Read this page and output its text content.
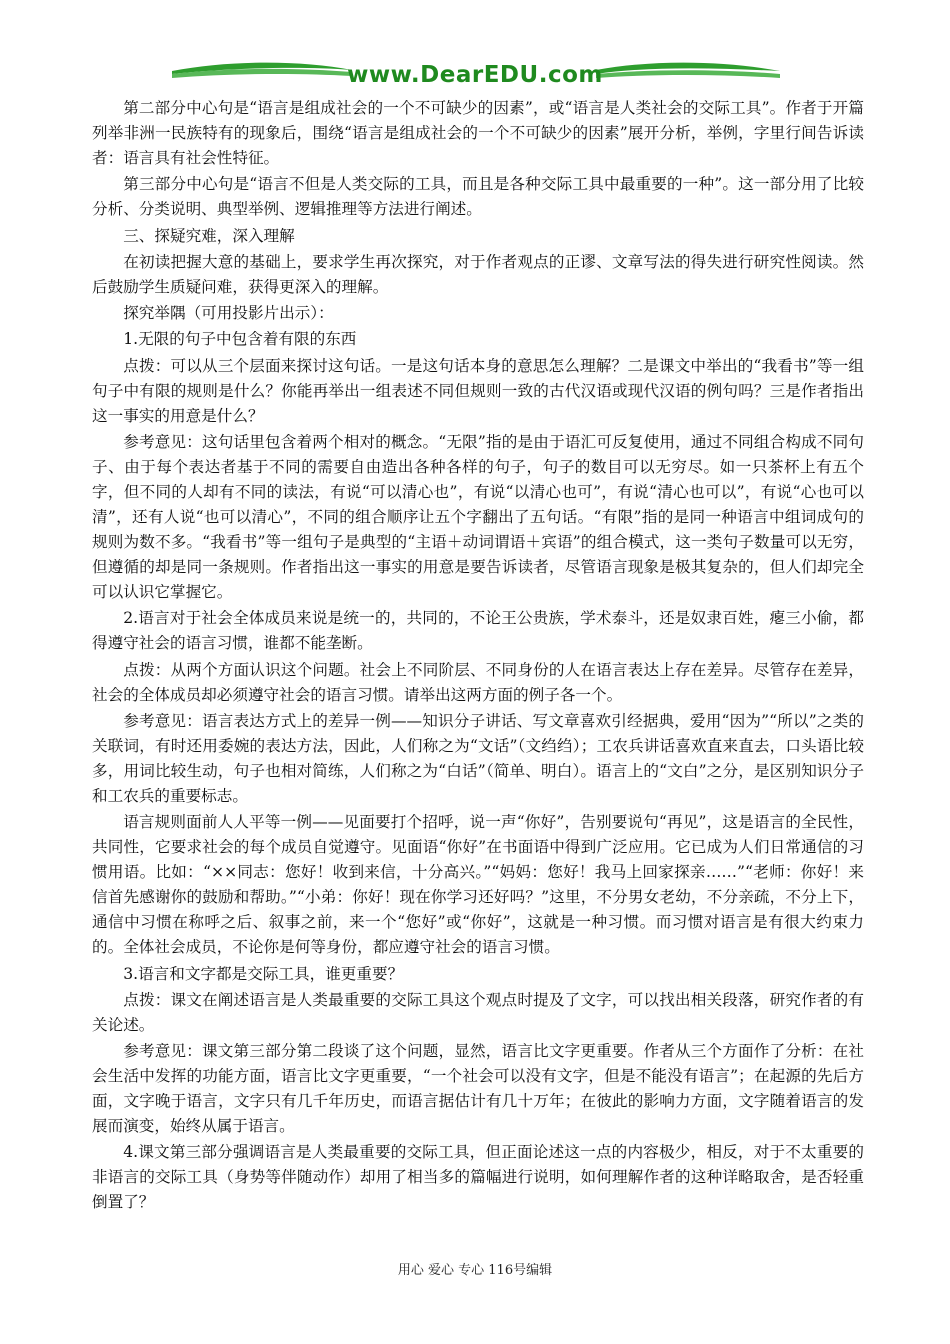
www.DearEDU.com

第二部分中心句是“语言是组成社会的一个不可缺少的因素”，或“语言是人类社会的交际工具”。作者于开篇列举非洲一民族特有的现象后，围绕“语言是组成社会的一个不可缺少的因素”展开分析，举例，字里行间告诉读者：语言具有社会性特征。

第三部分中心句是“语言不但是人类交际的工具，而且是各种交际工具中最重要的一种”。这一部分用了比较分析、分类说明、典型举例、逻辑推理等方法进行阐述。

三、探疑究难，深入理解

在初读把握大意的基础上，要求学生再次探究，对于作者观点的正谬、文章写法的得失进行研究性阅读。然后鼓励学生质疑问难，获得更深入的理解。

探究举隅（可用投影片出示）：

1.无限的句子中包含着有限的东西

点拨：可以从三个层面来探讨这句话。一是这句话本身的意思怎么理解？二是课文中举出的“我看书”等一组句子中有限的规则是什么？你能再举出一组表述不同但规则一致的古代汉语或现代汉语的例句吗？三是作者指出这一事实的用意是什么？

参考意见：这句话里包含着两个相对的概念。“无限”指的是由于语汇可反复使用，通过不同组合构成不同句子、由于每个表达者基于不同的需要自由造出各种各样的句子，句子的数目可以无穷尽。如一只茶杯上有五个字，但不同的人却有不同的读法，有说“可以清心也”，有说“以清心也可”，有说“清心也可以”，有说“心也可以清”，还有人说“也可以清心”，不同的组合顺序让五个字翻出了五句话。“有限”指的是同一种语言中组词成句的规则为数不多。“我看书”等一组句子是典型的“主语＋动词谓语＋宾语”的组合模式，这一类句子数量可以无穷，但遵循的却是同一条规则。作者指出这一事实的用意是要告诉读者，尽管语言现象是极其复杂的，但人们却完全可以认识它掌握它。

2.语言对于社会全体成员来说是统一的，共同的，不论王公贵族，学术泰斗，还是奴隶百姓，瘪三小偷，都得遵守社会的语言习惯，谁都不能垄断。

点拨：从两个方面认识这个问题。社会上不同阶层、不同身份的人在语言表达上存在差异。尽管存在差异，社会的全体成员却必须遵守社会的语言习惯。请举出这两方面的例子各一个。

参考意见：语言表达方式上的差异一例——知识分子讲话、写文章喜欢引经据典，爱用“因为”“所以”之类的关联词，有时还用委婉的表达方法，因此，人们称之为“文话”（文绉绉）；工农兵讲话喜欢直来直去，口头语比较多，用词比较生动，句子也相对简练，人们称之为“白话”（简单、明白）。语言上的“文白”之分，是区别知识分子和工农兵的重要标志。

语言规则面前人人平等一例——见面要打个招呼，说一声“你好”，告别要说句“再见”，这是语言的全民性，共同性，它要求社会的每个成员自觉遵守。见面语“你好”在书面语中得到广泛应用。它已成为人们日常通信的习惯用语。比如：“××同志：您好！收到来信，十分高兴。”“妈妈：您好！我马上回家探亲……”“老师：你好！来信首先感谢你的鼓励和帮助。”“小弟：你好！现在你学习还好吗？”这里，不分男女老幼，不分亲疏，不分上下，通信中习惯在称呼之后、叙事之前，来一个“您好”或“你好”，这就是一种习惯。而习惯对语言是有很大约束力的。全体社会成员，不论你是何等身份，都应遵守社会的语言习惯。

3.语言和文字都是交际工具，谁更重要？

点拨：课文在阐述语言是人类最重要的交际工具这个观点时提及了文字，可以找出相关段落，研究作者的有关论述。

参考意见：课文第三部分第二段谈了这个问题，显然，语言比文字更重要。作者从三个方面作了分析：在社会生活中发挥的功能方面，语言比文字更重要，“一个社会可以没有文字，但是不能没有语言”；在起源的先后方面，文字晚于语言，文字只有几千年历史，而语言据估计有几十万年；在彼此的影响力方面，文字随着语言的发展而演变，始终从属于语言。

4.课文第三部分强调语言是人类最重要的交际工具，但正面论述这一点的内容极少，相反，对于不太重要的非语言的交际工具（身势等伴随动作）却用了相当多的篇幅进行说明，如何理解作者的这种详略取舍，是否轻重倒置了？

用心 爱心 专心 116号编辑
